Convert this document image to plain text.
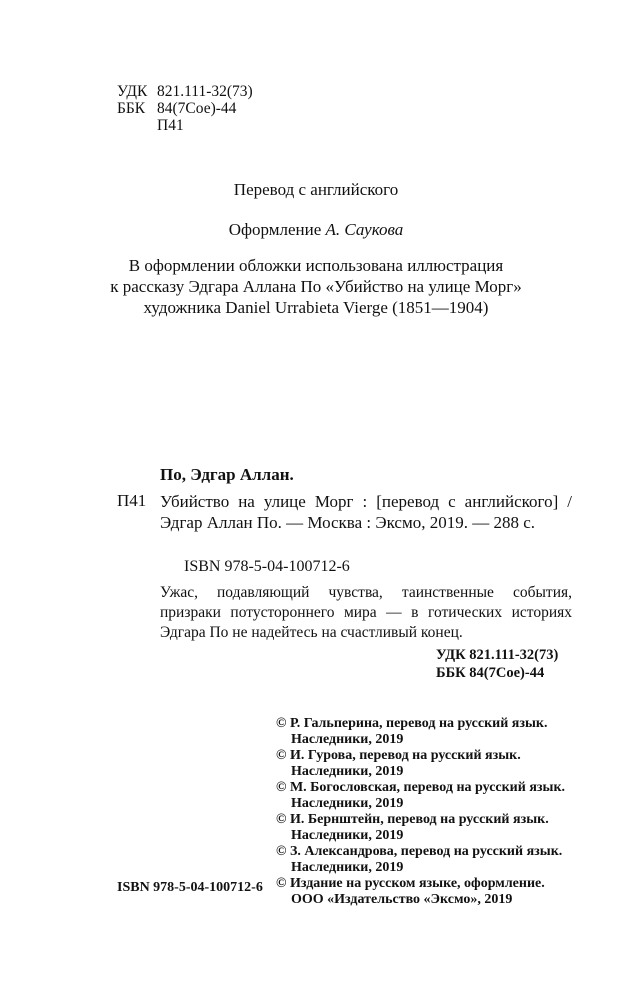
УДК 821.111-32(73)
ББК 84(7Сое)-44
П41
Перевод с английского
Оформление А. Саукова
В оформлении обложки использована иллюстрация
к рассказу Эдгара Аллана По «Убийство на улице Морг»
художника Daniel Urrabieta Vierge (1851—1904)
По, Эдгар Аллан.
П41 Убийство на улице Морг : [перевод с английского] / Эдгар Аллан По. — Москва : Эксмо, 2019. — 288 с.
ISBN 978-5-04-100712-6
Ужас, подавляющий чувства, таинственные события,
призраки потустороннего мира — в готических историях
Эдгара По не надейтесь на счастливый конец.
УДК 821.111-32(73)
ББК 84(7Сое)-44
© Р. Гальперина, перевод на русский язык.
Наследники, 2019
© И. Гурова, перевод на русский язык.
Наследники, 2019
© М. Богословская, перевод на русский язык.
Наследники, 2019
© И. Бернштейн, перевод на русский язык.
Наследники, 2019
© З. Александрова, перевод на русский язык.
Наследники, 2019
© Издание на русском языке, оформление.
ООО «Издательство «Эксмо», 2019
ISBN 978-5-04-100712-6
